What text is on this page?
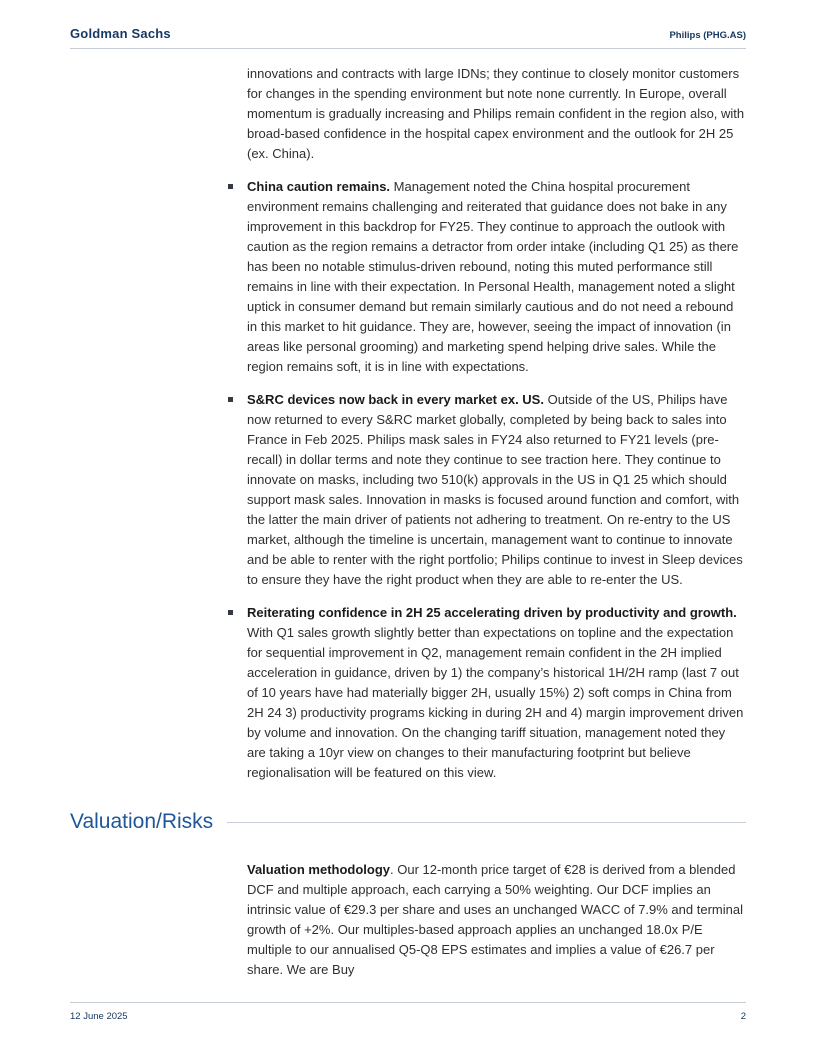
Goldman Sachs	Philips (PHG.AS)

innovations and contracts with large IDNs; they continue to closely monitor customers for changes in the spending environment but note none currently. In Europe, overall momentum is gradually increasing and Philips remain confident in the region also, with broad-based confidence in the hospital capex environment and the outlook for 2H 25 (ex. China).

China caution remains. Management noted the China hospital procurement environment remains challenging and reiterated that guidance does not bake in any improvement in this backdrop for FY25. They continue to approach the outlook with caution as the region remains a detractor from order intake (including Q1 25) as there has been no notable stimulus-driven rebound, noting this muted performance still remains in line with their expectation. In Personal Health, management noted a slight uptick in consumer demand but remain similarly cautious and do not need a rebound in this market to hit guidance. They are, however, seeing the impact of innovation (in areas like personal grooming) and marketing spend helping drive sales. While the region remains soft, it is in line with expectations.

S&RC devices now back in every market ex. US. Outside of the US, Philips have now returned to every S&RC market globally, completed by being back to sales into France in Feb 2025. Philips mask sales in FY24 also returned to FY21 levels (pre-recall) in dollar terms and note they continue to see traction here. They continue to innovate on masks, including two 510(k) approvals in the US in Q1 25 which should support mask sales. Innovation in masks is focused around function and comfort, with the latter the main driver of patients not adhering to treatment. On re-entry to the US market, although the timeline is uncertain, management want to continue to innovate and be able to renter with the right portfolio; Philips continue to invest in Sleep devices to ensure they have the right product when they are able to re-enter the US.

Reiterating confidence in 2H 25 accelerating driven by productivity and growth. With Q1 sales growth slightly better than expectations on topline and the expectation for sequential improvement in Q2, management remain confident in the 2H implied acceleration in guidance, driven by 1) the company’s historical 1H/2H ramp (last 7 out of 10 years have had materially bigger 2H, usually 15%) 2) soft comps in China from 2H 24 3) productivity programs kicking in during 2H and 4) margin improvement driven by volume and innovation. On the changing tariff situation, management noted they are taking a 10yr view on changes to their manufacturing footprint but believe regionalisation will be featured on this view.

Valuation/Risks

Valuation methodology. Our 12-month price target of €28 is derived from a blended DCF and multiple approach, each carrying a 50% weighting. Our DCF implies an intrinsic value of €29.3 per share and uses an unchanged WACC of 7.9% and terminal growth of +2%. Our multiples-based approach applies an unchanged 18.0x P/E multiple to our annualised Q5-Q8 EPS estimates and implies a value of €26.7 per share. We are Buy

12 June 2025	2
